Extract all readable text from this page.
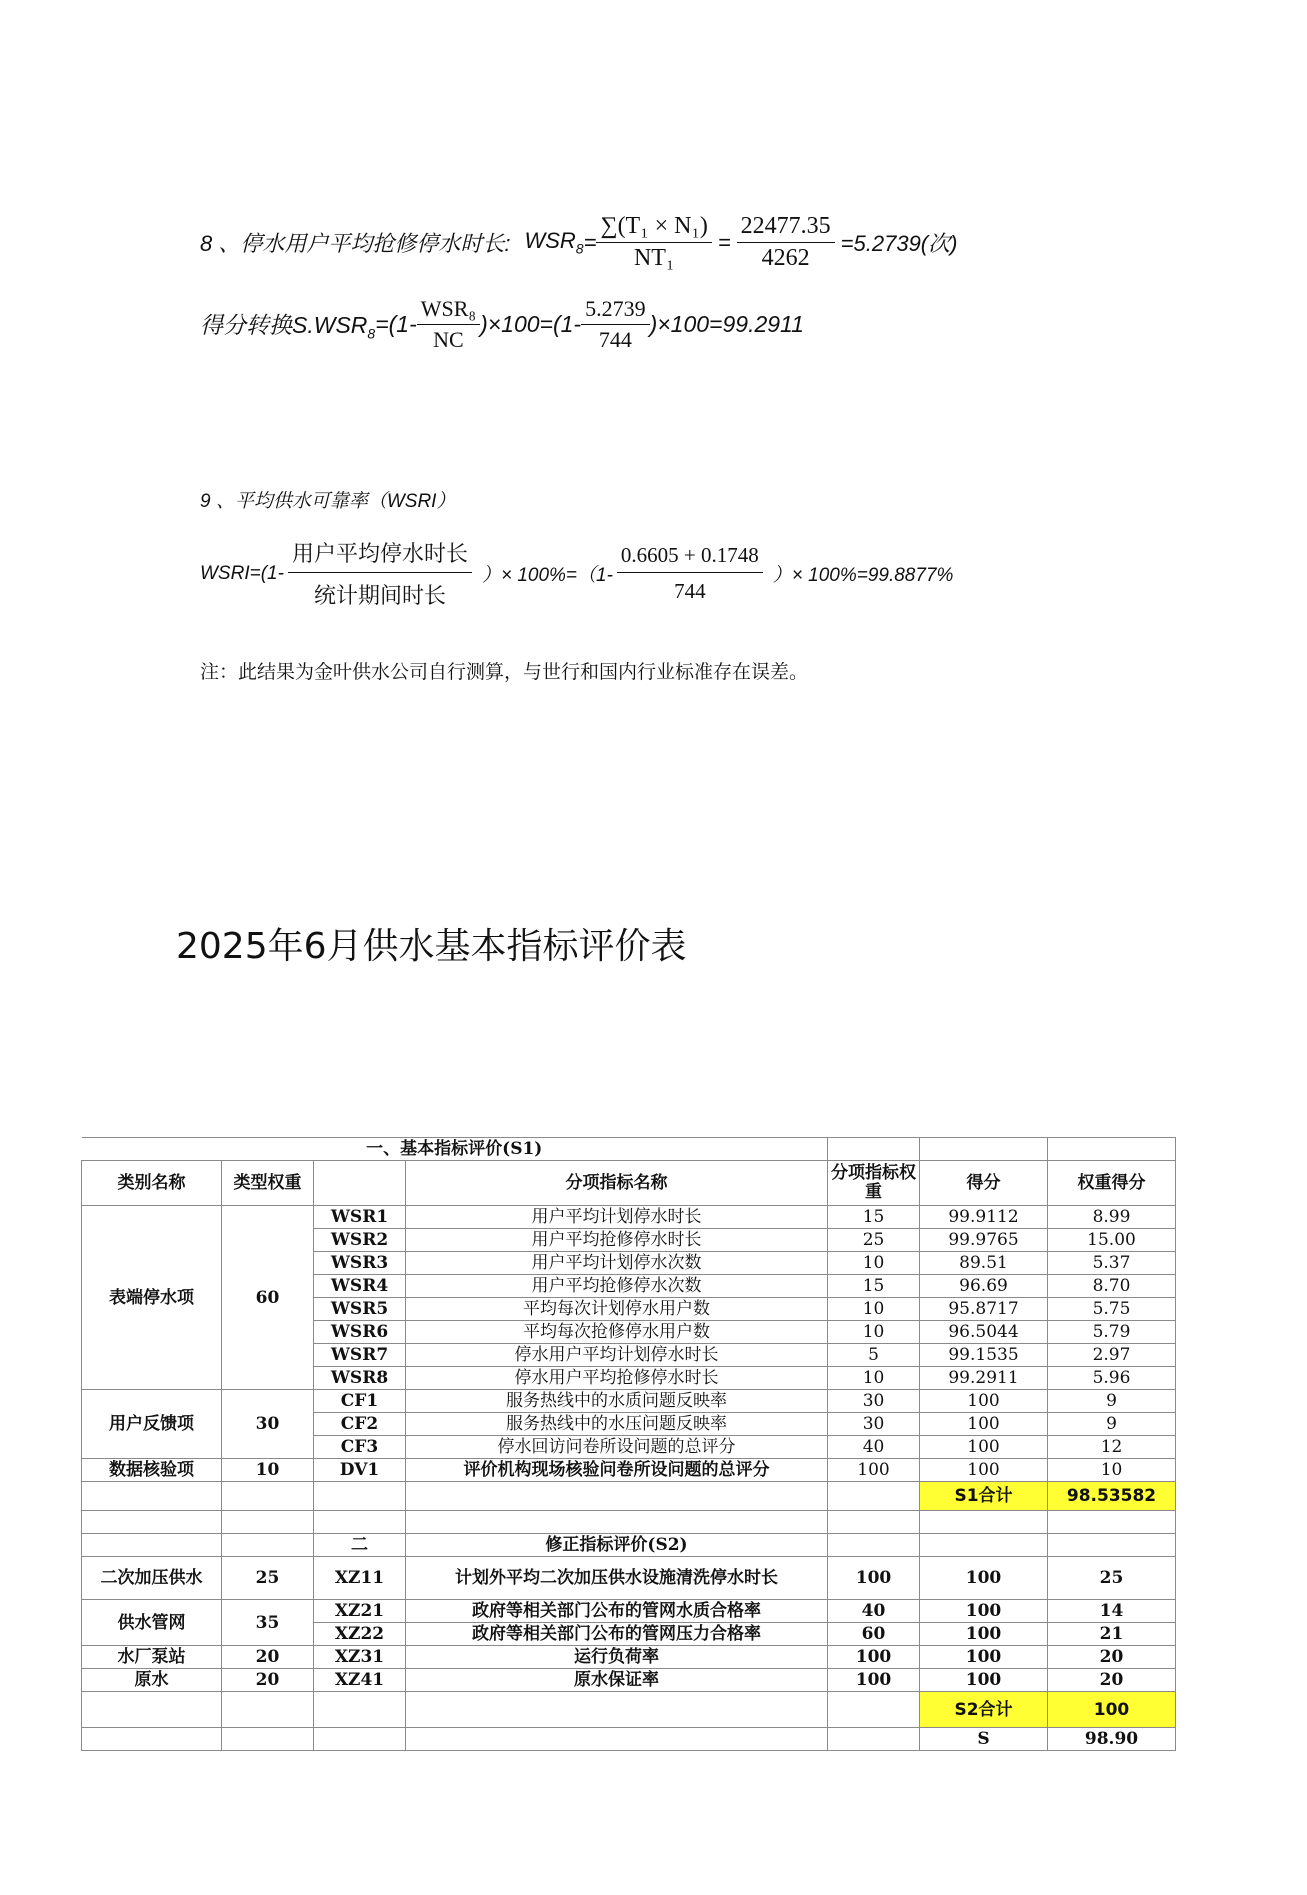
8 、停水用户平均抢修停水时长: $WSR_8 = \frac{\text{∑(T₁ × N₁)}}{\text{NT₁}} = \frac{22477.35}{4262} =5.2739$(次)
得分转换$S.WSR_8 =(1- \frac{\text{WSR₈}}{NC} )\times 100=(1- \frac{5.2739}{744} )\times 100=99.2911$
9 、平均供水可靠率（WSRI）
WSRI=(1- $\frac{\text{用户平均停水时长}}{\text{统计期间时长}}$ ）× $100\%=(1- \frac{0.6605 + 0.1748}{744}$ ）× 100%=99.8877%
注：此结果为金叶供水公司自行测算，与世行和国内行业标准存在误差。
2025年6月供水基本指标评价表
一、基本指标评价(S1)						
类别名称	类型权重		分项指标名称	分项指标权重	得分	权重得分
表端停水项	60	WSR1	用户平均计划停水时长	15	99.9112	8.99
		WSR2	用户平均抢修停水时长	25	99.9765	15.00
		WSR3	用户平均计划停水次数	10	89.51	5.37
		WSR4	用户平均抢修停水次数	15	96.69	8.70
		WSR5	平均每次计划停水用户数	10	95.8717	5.75
		WSR6	平均每次抢修停水用户数	10	96.5044	5.79
		WSR7	停水用户平均计划停水时长	5	99.1535	2.97
		WSR8	停水用户平均抢修停水时长	10	99.2911	5.96
用户反馈项	30	CF1	服务热线中的水质问题反映率	30	100	9
		CF2	服务热线中的水压问题反映率	30	100	9
		CF3	停水回访问卷所设问题的总评分	40	100	12
数据核验项	10	DV1	评价机构现场核验问卷所设问题的总评分	100	100	10
					S1合计	98.53582

		二	修正指标评价(S2)			
二次加压供水	25	XZ11	计划外平均二次加压供水设施清洗停水时长	100	100	25
供水管网	35	XZ21	政府等相关部门公布的管网水质合格率	40	100	14
		XZ22	政府等相关部门公布的管网压力合格率	60	100	21
水厂泵站	20	XZ31	运行负荷率	100	100	20
原水	20	XZ41	原水保证率	100	100	20
					S2合计	100
					S	98.90
